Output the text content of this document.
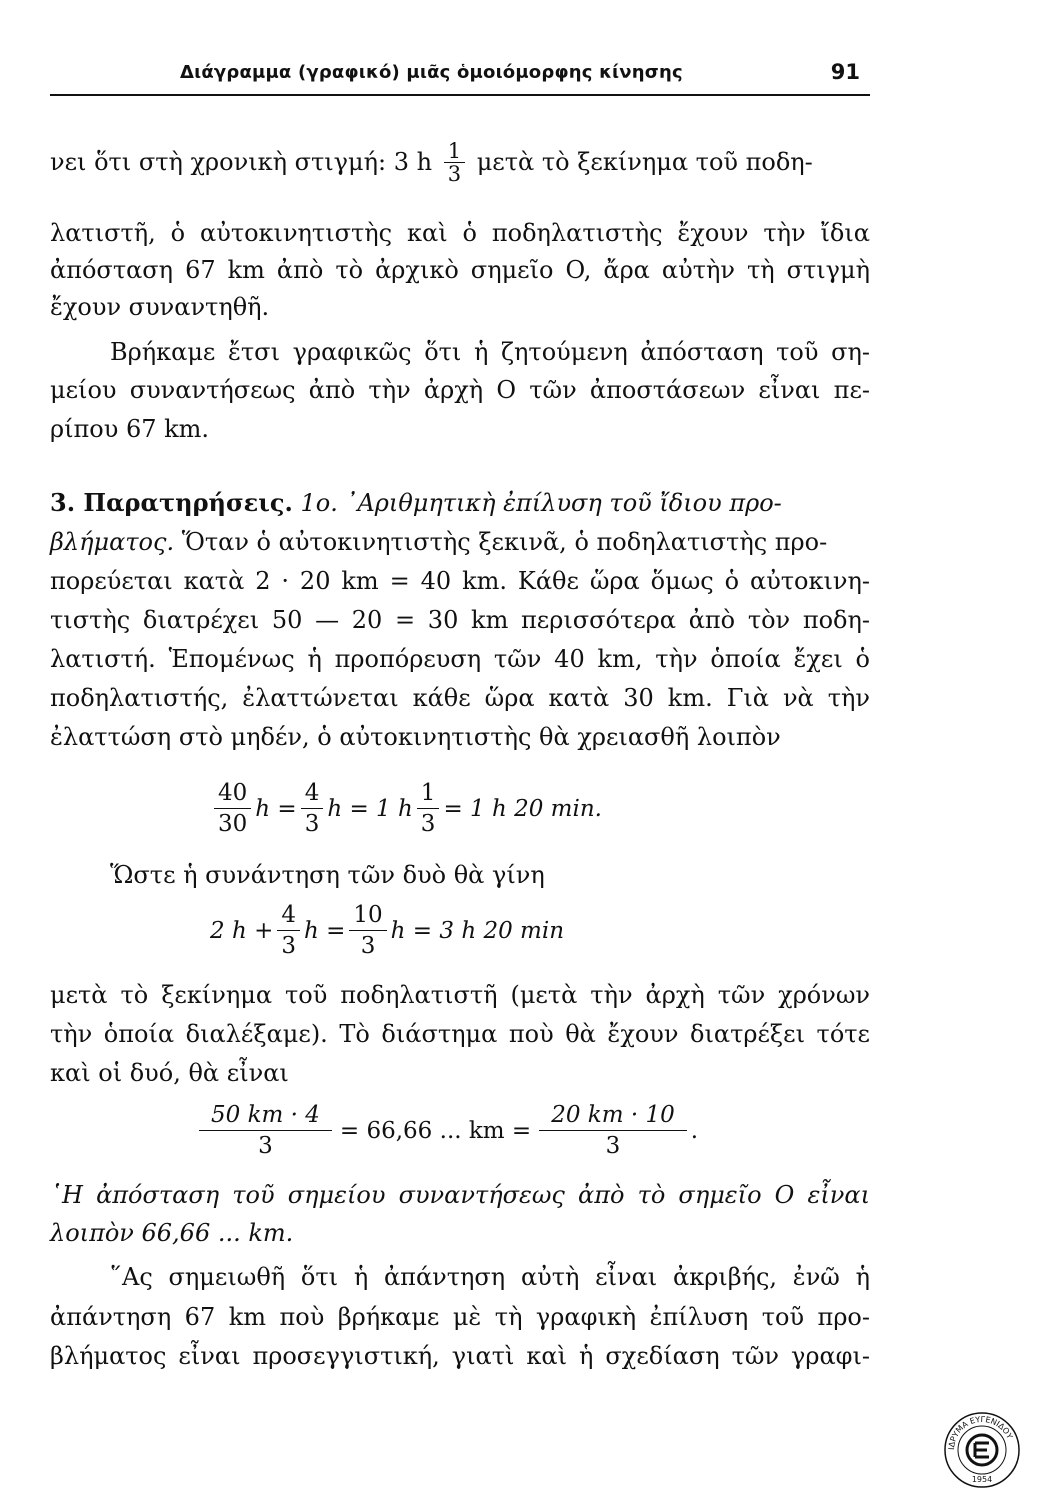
Διάγραμμα (γραφικό) μιᾶς ὁμοιόμορφης κίνησης	91
νει ὅτι στὴ χρονικὴ στιγμή: 3 h $\frac{1}{3}$ μετὰ τὸ ξεκίνημα τοῦ ποδη-
λατιστῆ, ὁ αὐτοκινητιστὴς καὶ ὁ ποδηλατιστὴς ἔχουν τὴν ἴδια
ἀπόσταση 67 km ἀπὸ τὸ ἀρχικὸ σημεῖο O, ἄρα αὐτὴν τὴ στιγμὴ
ἔχουν συναντηθῆ.
Βρήκαμε ἔτσι γραφικῶς ὅτι ἡ ζητούμενη ἀπόσταση τοῦ ση-
μείου συναντήσεως ἀπὸ τὴν ἀρχὴ O τῶν ἀποστάσεων εἶναι πε-
ρίπου 67 km.
3. Παρατηρήσεις. 1ο. ᾿Αριθμητικὴ ἐπίλυση τοῦ ἴδιου προ-
βλήματος. Ὅταν ὁ αὐτοκινητιστὴς ξεκινᾶ, ὁ ποδηλατιστὴς προ-
πορεύεται κατὰ 2 · 20 km = 40 km. Κάθε ὥρα ὅμως ὁ αὐτοκινη-
τιστὴς διατρέχει 50 — 20 = 30 km περισσότερα ἀπὸ τὸν ποδη-
λατιστή. Ἑπομένως ἡ προπόρευση τῶν 40 km, τὴν ὁποία ἔχει ὁ
ποδηλατιστής, ἐλαττώνεται κάθε ὥρα κατὰ 30 km. Γιὰ νὰ τὴν
ἐλαττώση στὸ μηδέν, ὁ αὐτοκινητιστὴς θὰ χρειασθῆ λοιπὸν
$\frac{40}{30}$ $h = \frac{4}{3}$ h = 1 h $\frac{1}{3} = 1$ h 20 min.
Ὥστε ἡ συνάντηση τῶν δυὸ θὰ γίνη
2 $h + \frac{4}{3}$ $h = \frac{10}{3}$ h = 3 h 20 min
μετὰ τὸ ξεκίνημα τοῦ ποδηλατιστῆ (μετὰ τὴν ἀρχὴ τῶν χρόνων
τὴν ὁποία διαλέξαμε). Τὸ διάστημα ποὺ θὰ ἔχουν διατρέξει τότε
καὶ οἱ δυό, θὰ εἶναι
$\frac{50 km \cdot 4}{3} = 66,66$ ... km = $\frac{20 km \cdot 10}{3}$ .
῾Η ἀπόσταση τοῦ σημείου συναντήσεως ἀπὸ τὸ σημεῖο O εἶναι
λοιπὸν 66,66 ... km.
῞Ας σημειωθῆ ὅτι ἡ ἀπάντηση αὐτὴ εἶναι ἀκριβής, ἐνῶ ἡ
ἀπάντηση 67 km ποὺ βρήκαμε μὲ τὴ γραφικὴ ἐπίλυση τοῦ προ-
βλήματος εἶναι προσεγγιστική, γιατὶ καὶ ἡ σχεδίαση τῶν γραφι-
ΙΔΡΥΜΑ ΕΥΓΕΝΙΔΟΥ
1954
